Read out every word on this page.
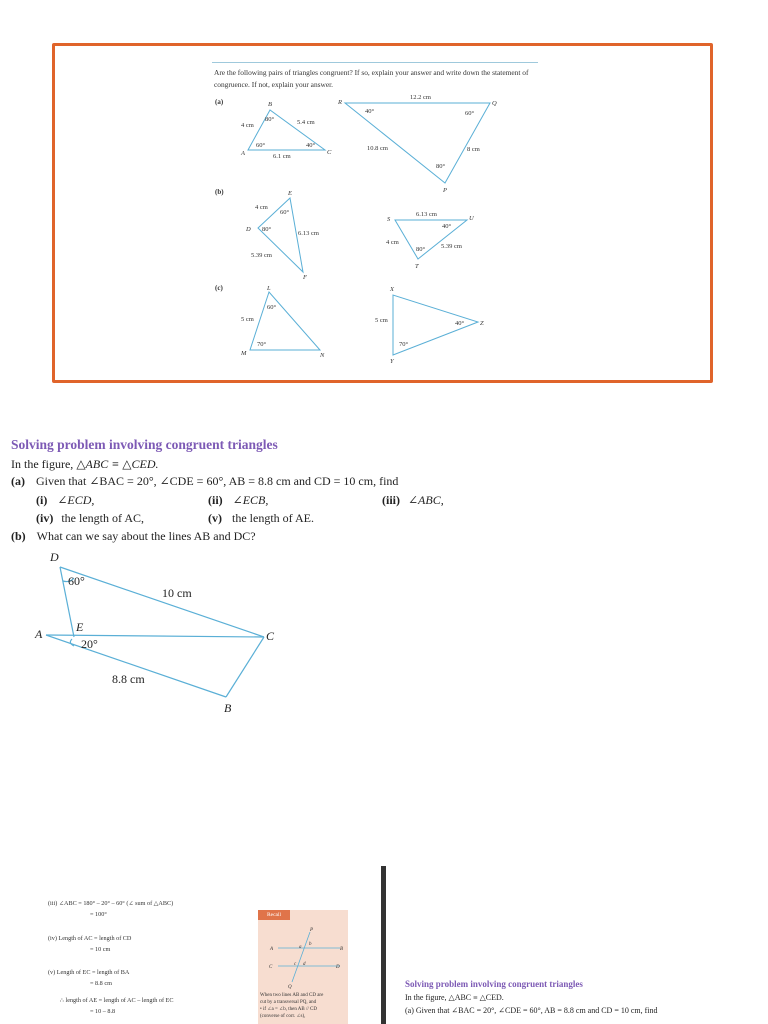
Are the following pairs of triangles congruent? If so, explain your answer and write down the statement of congruence. If not, explain your answer.
(a)
(b)
(c)
A
B
C
R	Q
P
E
D
F
S	U
T
L
M	N
X
Y
Z
80°
60°	40°
4 cm	5.4 cm
6.1 cm
40°	60°
80°
12.2 cm
10.8 cm	8 cm
60°
80°
4 cm
6.13 cm
5.39 cm
40°
80°
6.13 cm
4 cm
5.39 cm
60°
70°
5 cm
40°
70°
5 cm
Solving problem involving congruent triangles
In the figure, △ABC ≡ △CED.
(a) Given that ∠BAC = 20°, ∠CDE = 60°, AB = 8.8 cm and CD = 10 cm, find
(i) ∠ECD,	(ii) ∠ECB,	(iii) ∠ABC,
(iv) the length of AC,	(v) the length of AE.
(b) What can we say about the lines AB and DC?
D
A	E
C
B
60°
20°
10 cm
8.8 cm
(iii) ∠ABC = 180° – 20° – 60° (∠ sum of △ABC)
= 100°
(iv) Length of AC = length of CD
= 10 cm
(v) Length of EC = length of BA
= 8.8 cm
∴ length of AE = length of AC – length of EC
= 10 – 8.8
Recall
P
A	B
C	D
Q
a
b
c d
When two lines AB and CD are
cut by a transversal PQ, and
• if ∠a = ∠b, then AB // CD
(converse of corr. ∠s),
Solving problem involving congruent triangles
In the figure, △ABC ≡ △CED.
(a) Given that ∠BAC = 20°, ∠CDE = 60°, AB = 8.8 cm and CD = 10 cm, find
